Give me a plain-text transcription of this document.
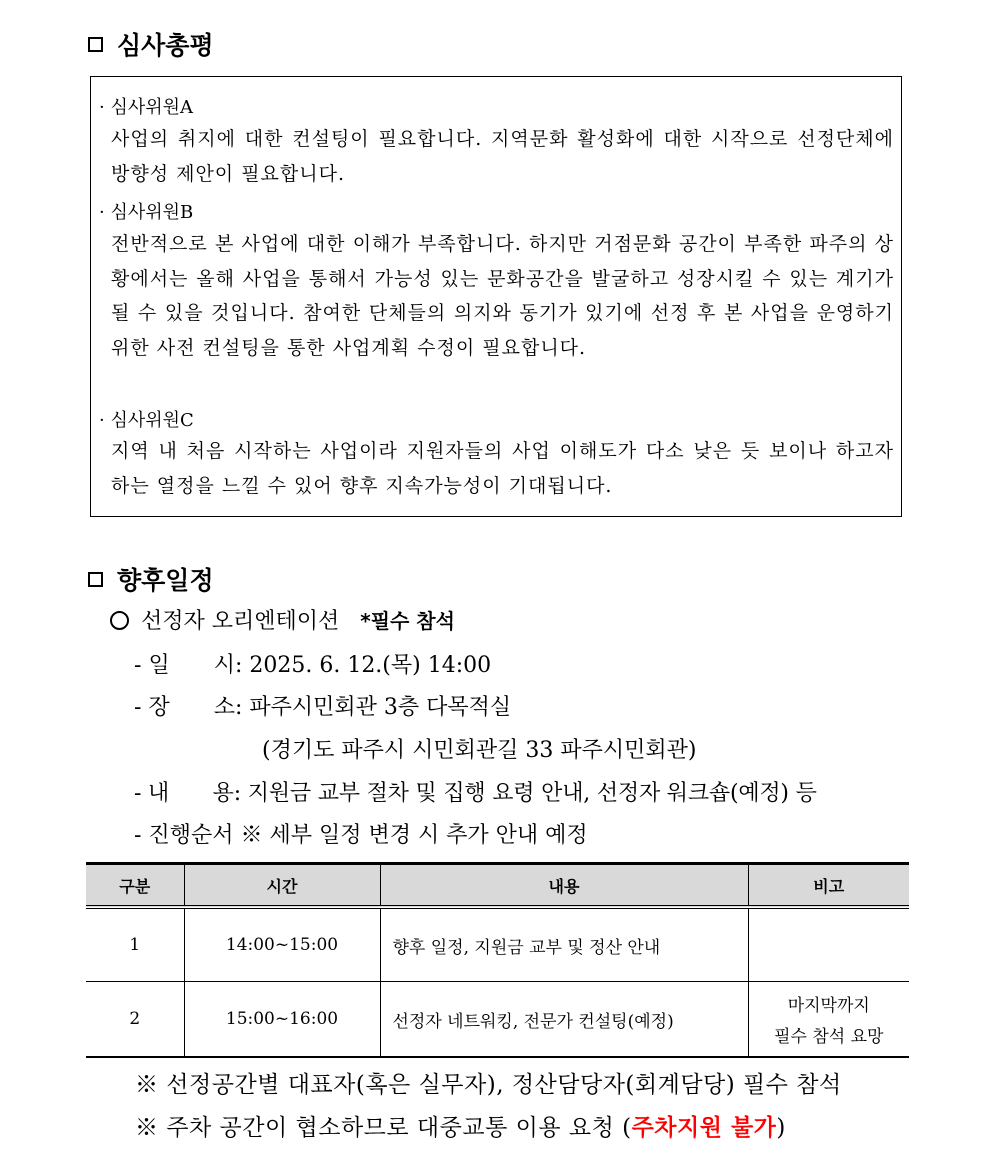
심사총평
· 심사위원A
사업의 취지에 대한 컨설팅이 필요합니다. 지역문화 활성화에 대한 시작으로 선정단체에 방향성 제안이 필요합니다.
· 심사위원B
전반적으로 본 사업에 대한 이해가 부족합니다. 하지만 거점문화 공간이 부족한 파주의 상황에서는 올해 사업을 통해서 가능성 있는 문화공간을 발굴하고 성장시킬 수 있는 계기가 될 수 있을 것입니다. 참여한 단체들의 의지와 동기가 있기에 선정 후 본 사업을 운영하기 위한 사전 컨설팅을 통한 사업계획 수정이 필요합니다.
· 심사위원C
지역 내 처음 시작하는 사업이라 지원자들의 사업 이해도가 다소 낮은 듯 보이나 하고자 하는 열정을 느낄 수 있어 향후 지속가능성이 기대됩니다.
향후일정
선정자 오리엔테이션 *필수 참석
- 일　　시: 2025. 6. 12.(목) 14:00
- 장　　소: 파주시민회관 3층 다목적실
(경기도 파주시 시민회관길 33 파주시민회관)
- 내　　용: 지원금 교부 절차 및 집행 요령 안내, 선정자 워크숍(예정) 등
- 진행순서 ※ 세부 일정 변경 시 추가 안내 예정
구분	시간	내용	비고
1	14:00~15:00	향후 일정, 지원금 교부 및 정산 안내	
2	15:00~16:00	선정자 네트워킹, 전문가 컨설팅(예정)	마지막까지
필수 참석 요망
※ 선정공간별 대표자(혹은 실무자), 정산담당자(회계담당) 필수 참석
※ 주차 공간이 협소하므로 대중교통 이용 요청 (주차지원 불가)
